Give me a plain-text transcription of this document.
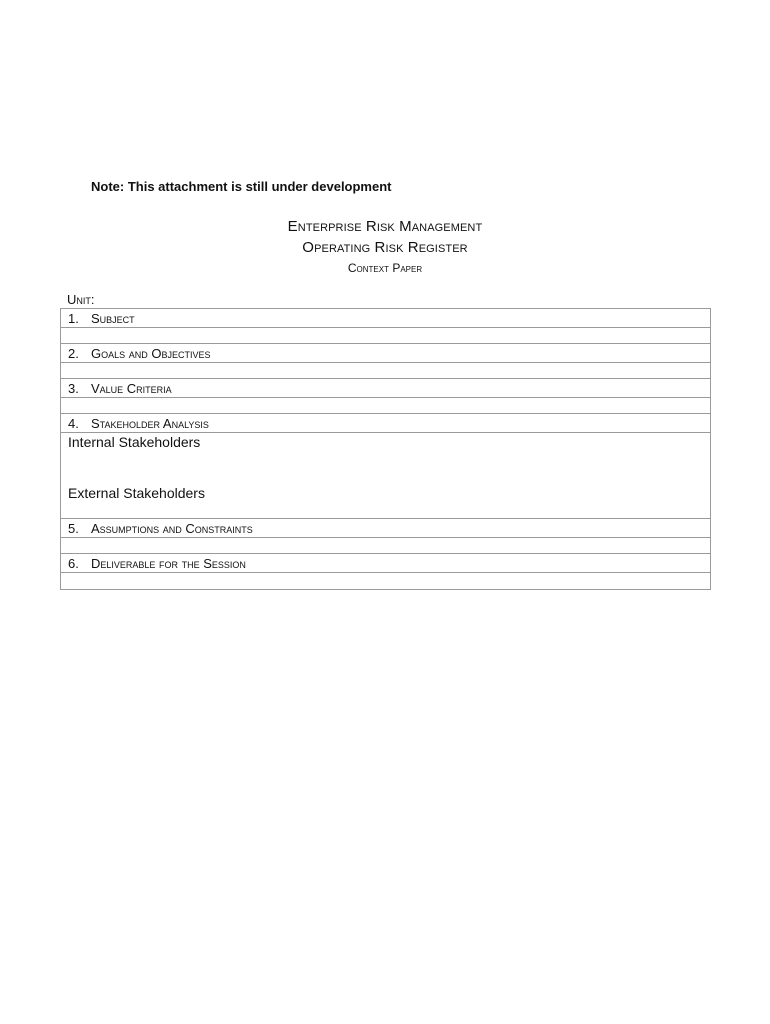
Note: This attachment is still under development

Enterprise Risk Management

Operating Risk Register

Context Paper

Unit:

1. Subject
2. Goals and Objectives
3. Value Criteria
4. Stakeholder Analysis
Internal Stakeholders
External Stakeholders
5. Assumptions and Constraints
6. Deliverable for the Session
